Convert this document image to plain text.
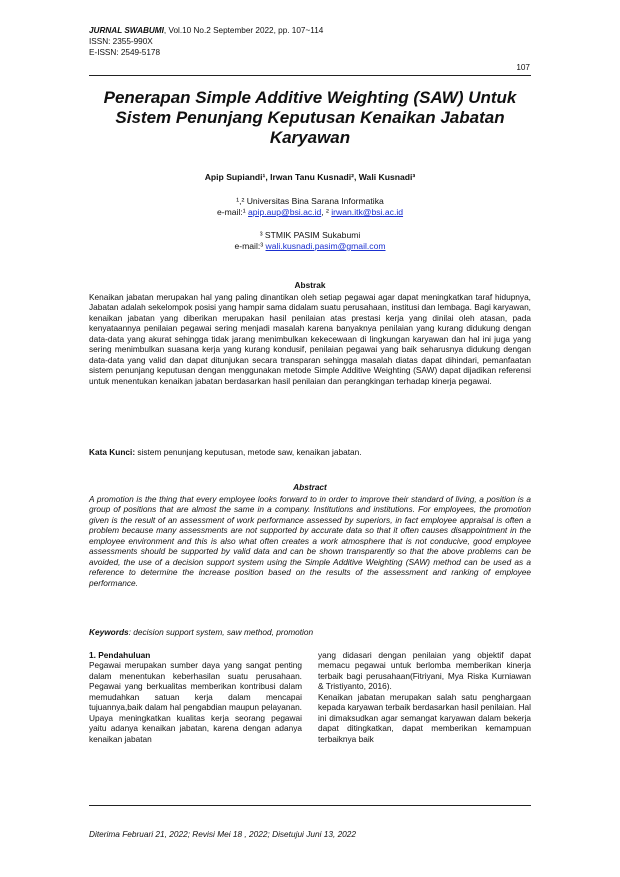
JURNAL SWABUMI, Vol.10 No.2 September 2022, pp. 107~114
ISSN: 2355-990X
E-ISSN: 2549-5178
107
Penerapan Simple Additive Weighting (SAW) Untuk
Sistem Penunjang Keputusan Kenaikan Jabatan
Karyawan
Apip Supiandi¹, Irwan Tanu Kusnadi², Wali Kusnadi³
¹,² Universitas Bina Sarana Informatika
e-mail:¹ apip.aup@bsi.ac.id, ² irwan.itk@bsi.ac.id
³ STMIK PASIM Sukabumi
e-mail:³ wali.kusnadi.pasim@gmail.com
Abstrak
Kenaikan jabatan merupakan hal yang paling dinantikan oleh setiap pegawai agar dapat meningkatkan taraf hidupnya, Jabatan adalah sekelompok posisi yang hampir sama didalam suatu perusahaan, institusi dan lembaga. Bagi karyawan, kenaikan jabatan yang diberikan merupakan hasil penilaian atas prestasi kerja yang dinilai oleh atasan, pada kenyataannya penilaian pegawai sering menjadi masalah karena banyaknya penilaian yang kurang didukung dengan data-data yang akurat sehingga tidak jarang menimbulkan kekecewaan di lingkungan karyawan dan hal ini juga yang sering menimbulkan suasana kerja yang kurang kondusif, penilaian pegawai yang baik seharusnya didukung dengan data-data yang valid dan dapat ditunjukan secara transparan sehingga masalah diatas dapat dihindari, pemanfaatan sistem penunjang keputusan dengan menggunakan metode Simple Additive Weighting (SAW) dapat dijadikan referensi untuk menentukan kenaikan jabatan berdasarkan hasil penilaian dan perangkingan terhadap kinerja pegawai.
Kata Kunci: sistem penunjang keputusan, metode saw, kenaikan jabatan.
Abstract
A promotion is the thing that every employee looks forward to in order to improve their standard of living, a position is a group of positions that are almost the same in a company. Institutions and institutions. For employees, the promotion given is the result of an assessment of work performance assessed by superiors, in fact employee appraisal is often a problem because many assessments are not supported by accurate data so that it often causes disappointment in the employee environment and this is also what often creates a work atmosphere that is not conducive, good employee assessments should be supported by valid data and can be shown transparently so that the above problems can be avoided, the use of a decision support system using the Simple Additive Weighting (SAW) method can be used as a reference to determine the increase position based on the results of the assessment and ranking of employee performance.
Keywords: decision support system, saw method, promotion
1. Pendahuluan
Pegawai merupakan sumber daya yang sangat penting dalam menentukan keberhasilan suatu perusahaan. Pegawai yang berkualitas memberikan kontribusi dalam memudahkan satuan kerja dalam mencapai tujuannya,baik dalam hal pengabdian maupun pelayanan. Upaya meningkatkan kualitas kerja seorang pegawai yaitu adanya kenaikan jabatan, karena dengan adanya kenaikan jabatan
yang didasari dengan penilaian yang objektif dapat memacu pegawai untuk berlomba memberikan kinerja terbaik bagi perusahaan(Fitriyani, Mya Riska Kurniawan & Tristiyanto, 2016).
Kenaikan jabatan merupakan salah satu penghargaan kepada karyawan terbaik berdasarkan hasil penilaian. Hal ini dimaksudkan agar semangat karyawan dalam bekerja dapat ditingkatkan, dapat memberikan kemampuan terbaiknya baik
Diterima Februari 21, 2022; Revisi Mei 18 , 2022; Disetujui Juni 13, 2022
